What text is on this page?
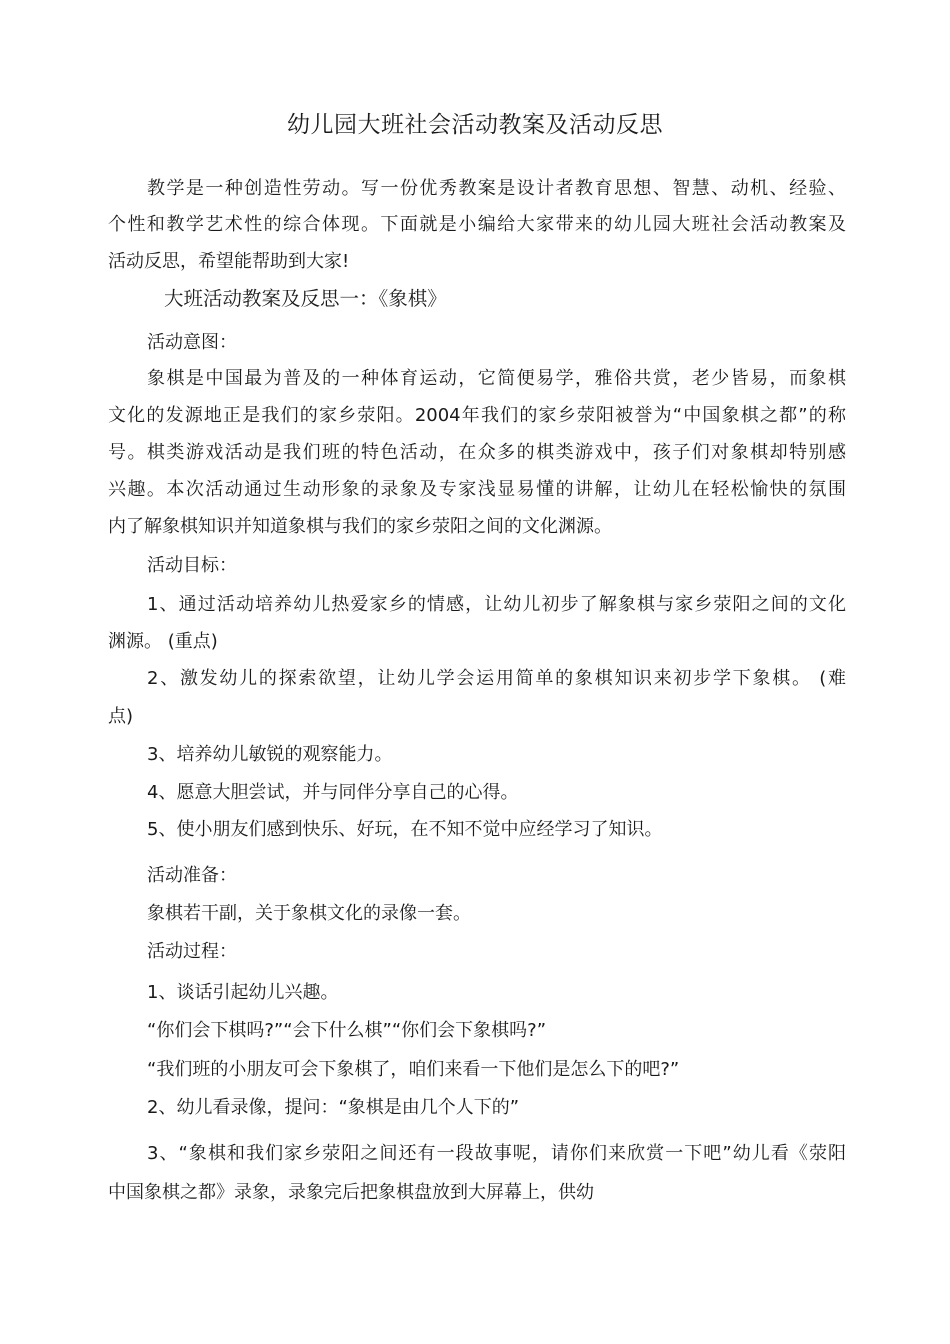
幼儿园大班社会活动教案及活动反思
教学是一种创造性劳动。写一份优秀教案是设计者教育思想、智慧、动机、经验、
个性和教学艺术性的综合体现。下面就是小编给大家带来的幼儿园大班社会活动教案及
活动反思，希望能帮助到大家!
大班活动教案及反思一：《象棋》
活动意图：
象棋是中国最为普及的一种体育运动，它简便易学，雅俗共赏，老少皆易，而象棋
文化的发源地正是我们的家乡荥阳。2004年我们的家乡荥阳被誉为“中国象棋之都”的称
号。棋类游戏活动是我们班的特色活动，在众多的棋类游戏中，孩子们对象棋却特别感
兴趣。本次活动通过生动形象的录象及专家浅显易懂的讲解，让幼儿在轻松愉快的氛围
内了解象棋知识并知道象棋与我们的家乡荥阳之间的文化渊源。
活动目标：
1、通过活动培养幼儿热爱家乡的情感，让幼儿初步了解象棋与家乡荥阳之间的文化
渊源。 (重点)
2、激发幼儿的探索欲望，让幼儿学会运用简单的象棋知识来初步学下象棋。 (难
点)
3、培养幼儿敏锐的观察能力。
4、愿意大胆尝试，并与同伴分享自己的心得。
5、使小朋友们感到快乐、好玩，在不知不觉中应经学习了知识。
活动准备：
象棋若干副，关于象棋文化的录像一套。
活动过程：
1、谈话引起幼儿兴趣。
“你们会下棋吗?”“会下什么棋”“你们会下象棋吗?”
“我们班的小朋友可会下象棋了，咱们来看一下他们是怎么下的吧?”
2、幼儿看录像，提问：“象棋是由几个人下的”
3、“象棋和我们家乡荥阳之间还有一段故事呢，请你们来欣赏一下吧”幼儿看《荥阳
中国象棋之都》录象，录象完后把象棋盘放到大屏幕上，供幼
